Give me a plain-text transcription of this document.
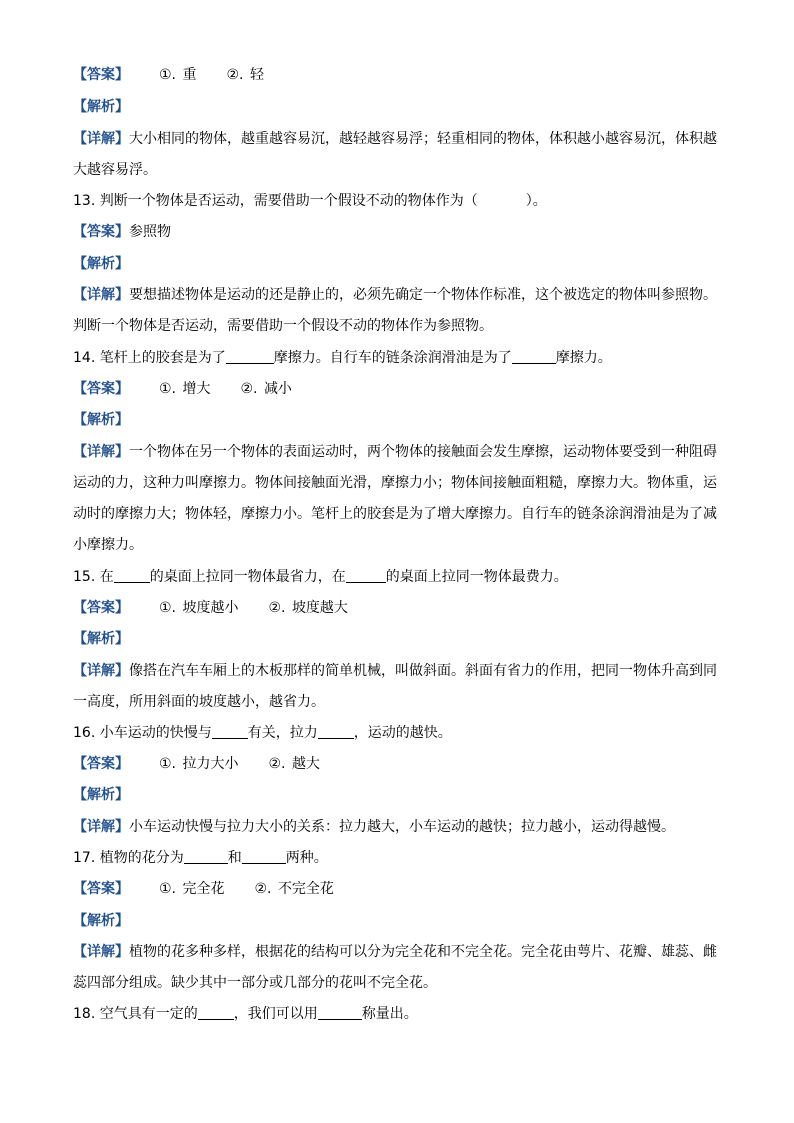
【答案】 ①. 重 ②. 轻

【解析】

【详解】大小相同的物体，越重越容易沉，越轻越容易浮；轻重相同的物体，体积越小越容易沉，体积越

大越容易浮。

13. 判断一个物体是否运动，需要借助一个假设不动的物体作为（	）。

【答案】参照物

【解析】

【详解】要想描述物体是运动的还是静止的，必须先确定一个物体作标准，这个被选定的物体叫参照物。

判断一个物体是否运动，需要借助一个假设不动的物体作为参照物。

14. 笔杆上的胶套是为了	摩擦力。自行车的链条涂润滑油是为了	摩擦力。

【答案】 ①. 增大 ②. 减小

【解析】

【详解】一个物体在另一个物体的表面运动时，两个物体的接触面会发生摩擦，运动物体要受到一种阻碍

运动的力，这种力叫摩擦力。物体间接触面光滑，摩擦力小；物体间接触面粗糙，摩擦力大。物体重，运

动时的摩擦力大；物体轻，摩擦力小。笔杆上的胶套是为了增大摩擦力。自行车的链条涂润滑油是为了减

小摩擦力。

15. 在	的桌面上拉同一物体最省力，在	的桌面上拉同一物体最费力。

【答案】 ①. 坡度越小 ②. 坡度越大

【解析】

【详解】像搭在汽车车厢上的木板那样的简单机械，叫做斜面。斜面有省力的作用，把同一物体升高到同

一高度，所用斜面的坡度越小，越省力。

16. 小车运动的快慢与	有关，拉力	，运动的越快。

【答案】 ①. 拉力大小 ②. 越大

【解析】

【详解】小车运动快慢与拉力大小的关系：拉力越大，小车运动的越快；拉力越小，运动得越慢。

17. 植物的花分为	和	两种。

【答案】 ①. 完全花 ②. 不完全花

【解析】

【详解】植物的花多种多样，根据花的结构可以分为完全花和不完全花。完全花由萼片、花瓣、雄蕊、雌

蕊四部分组成。缺少其中一部分或几部分的花叫不完全花。

18. 空气具有一定的	，我们可以用	称量出。
